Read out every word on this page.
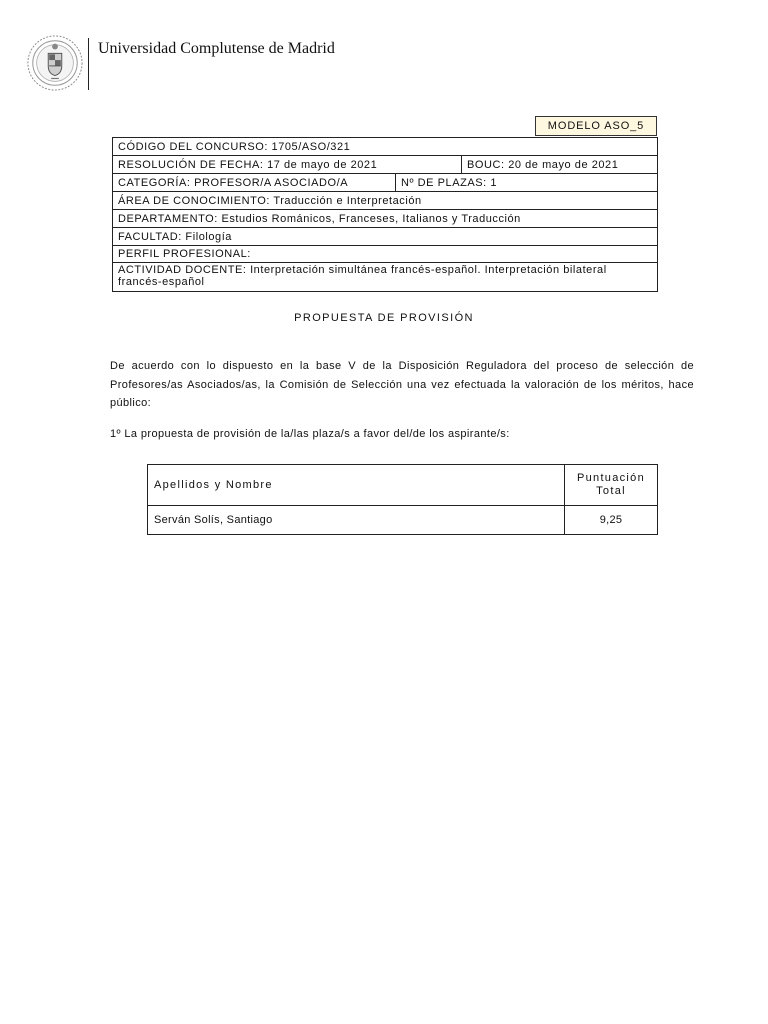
Universidad Complutense de Madrid
MODELO ASO_5
CÓDIGO DEL CONCURSO: 1705/ASO/321
RESOLUCIÓN DE FECHA: 17 de mayo de 2021	BOUC: 20 de mayo de 2021
CATEGORÍA: PROFESOR/A ASOCIADO/A	Nº DE PLAZAS: 1
ÁREA DE CONOCIMIENTO: Traducción e Interpretación
DEPARTAMENTO: Estudios Románicos, Franceses, Italianos y Traducción
FACULTAD: Filología
PERFIL PROFESIONAL:
ACTIVIDAD DOCENTE: Interpretación simultánea francés-español. Interpretación bilateral francés-español
PROPUESTA DE PROVISIÓN
De acuerdo con lo dispuesto en la base V de la Disposición Reguladora del proceso de selección de Profesores/as Asociados/as, la Comisión de Selección una vez efectuada la valoración de los méritos, hace público:
1º La propuesta de provisión de la/las plaza/s a favor del/de los aspirante/s:
Apellidos y Nombre	Puntuación Total
Serván Solís, Santiago	9,25
